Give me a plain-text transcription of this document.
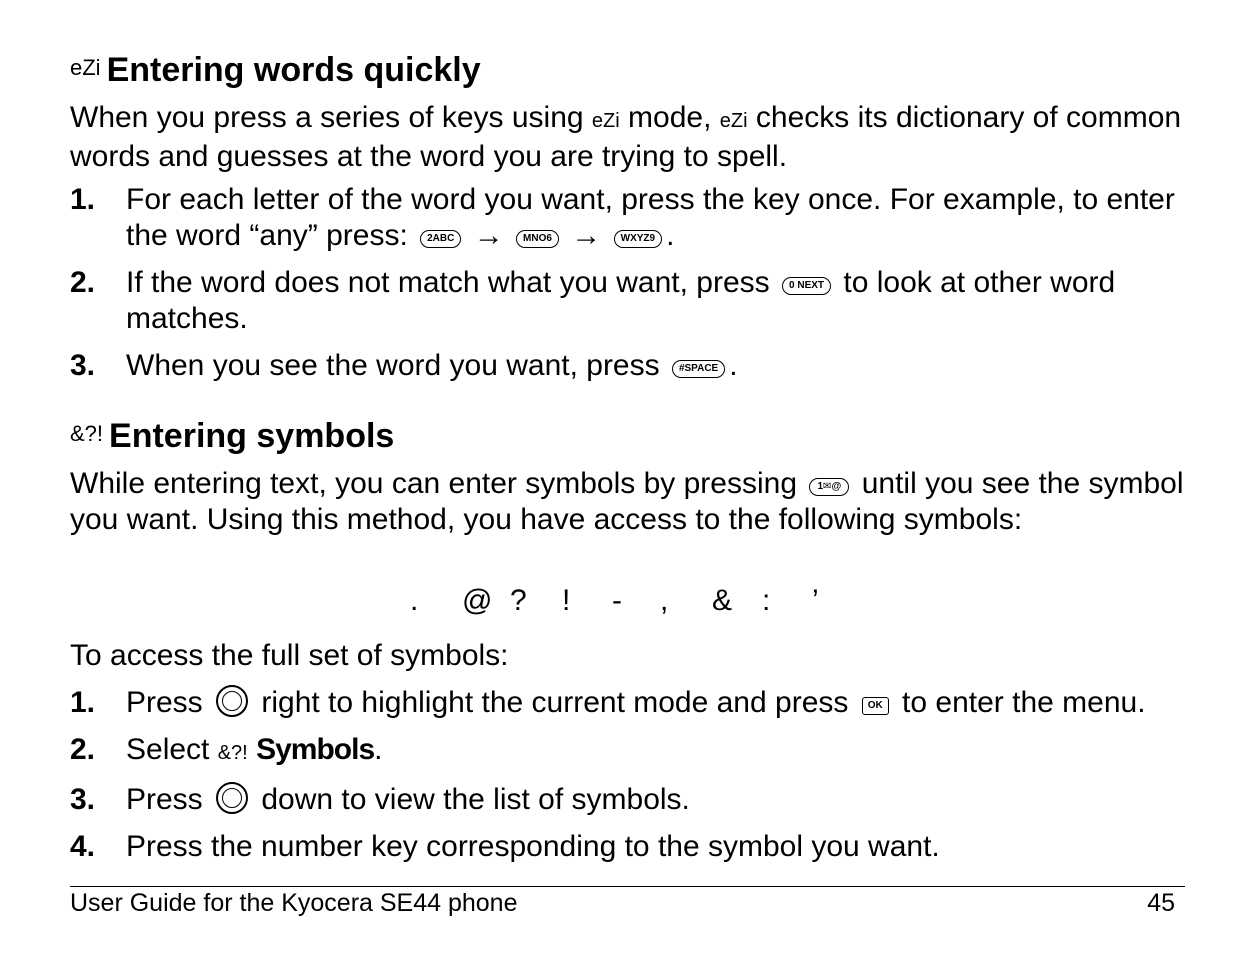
eZi Entering words quickly
When you press a series of keys using eZi mode, eZi checks its dictionary of common words and guesses at the word you are trying to spell.
1. For each letter of the word you want, press the key once. For example, to enter the word “any” press: 2ABC → MNO6 → WXYZ9 .
2. If the word does not match what you want, press 0 NEXT to look at other word matches.
3. When you see the word you want, press #SPACE .
&?! Entering symbols
While entering text, you can enter symbols by pressing 1✉@ until you see the symbol you want. Using this method, you have access to the following symbols:
. @ ? ! - , & : ’
To access the full set of symbols:
1. Press  right to highlight the current mode and press OK to enter the menu.
2. Select &?! Symbols.
3. Press  down to view the list of symbols.
4. Press the number key corresponding to the symbol you want.
User Guide for the Kyocera SE44 phone	45
